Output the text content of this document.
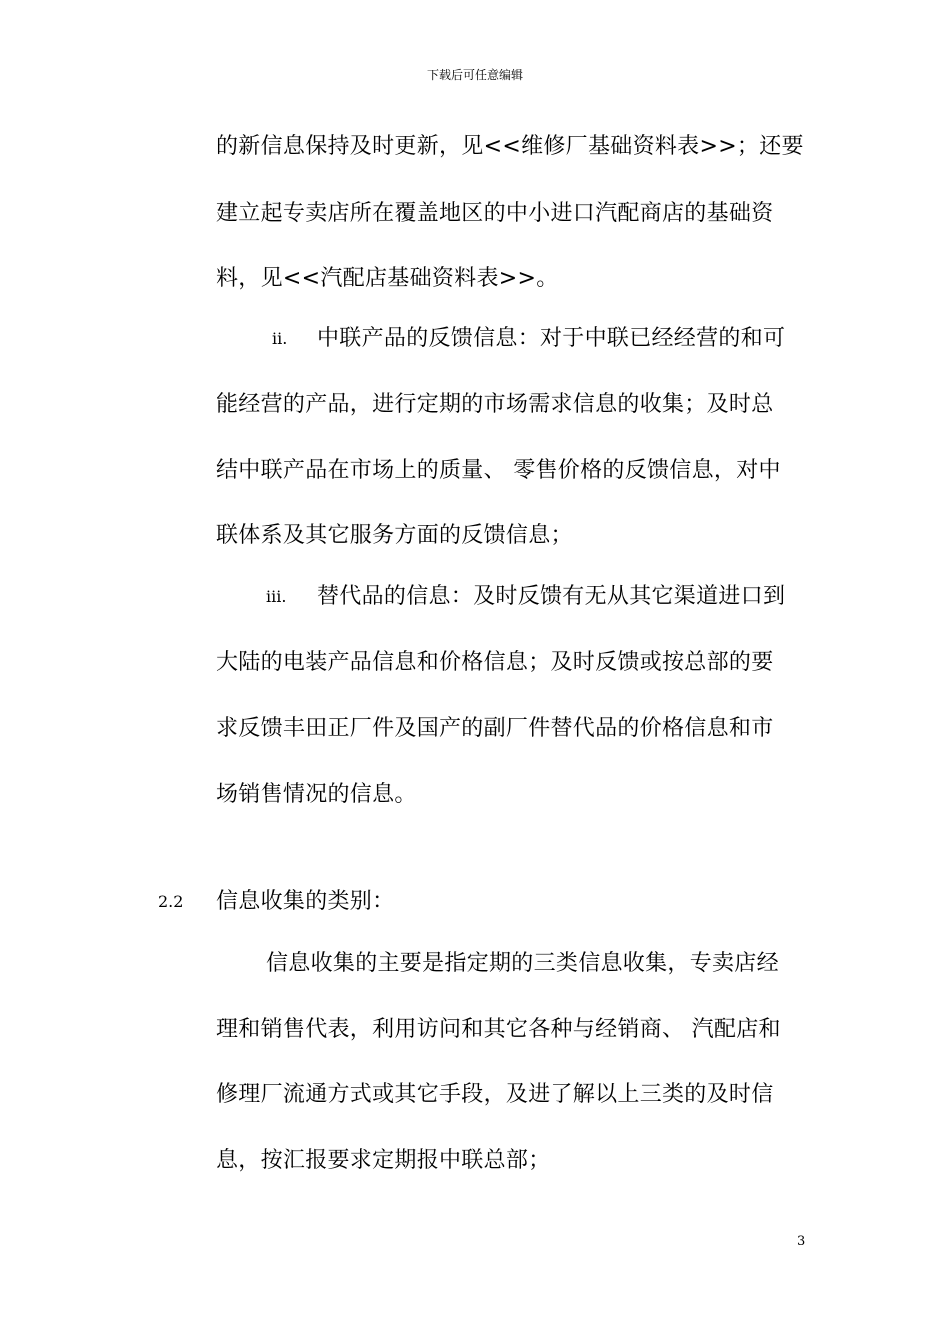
下载后可任意编辑
的新信息保持及时更新，见<<维修厂基础资料表>>；还要
建立起专卖店所在覆盖地区的中小进口汽配商店的基础资
料，见<<汽配店基础资料表>>。
ii. 中联产品的反馈信息：对于中联已经经营的和可
能经营的产品，进行定期的市场需求信息的收集；及时总
结中联产品在市场上的质量、 零售价格的反馈信息，对中
联体系及其它服务方面的反馈信息；
iii. 替代品的信息：及时反馈有无从其它渠道进口到
大陆的电装产品信息和价格信息；及时反馈或按总部的要
求反馈丰田正厂件及国产的副厂件替代品的价格信息和市
场销售情况的信息。
2.2 信息收集的类别：
信息收集的主要是指定期的三类信息收集，专卖店经
理和销售代表，利用访问和其它各种与经销商、 汽配店和
修理厂流通方式或其它手段，及进了解以上三类的及时信
息，按汇报要求定期报中联总部；
3
